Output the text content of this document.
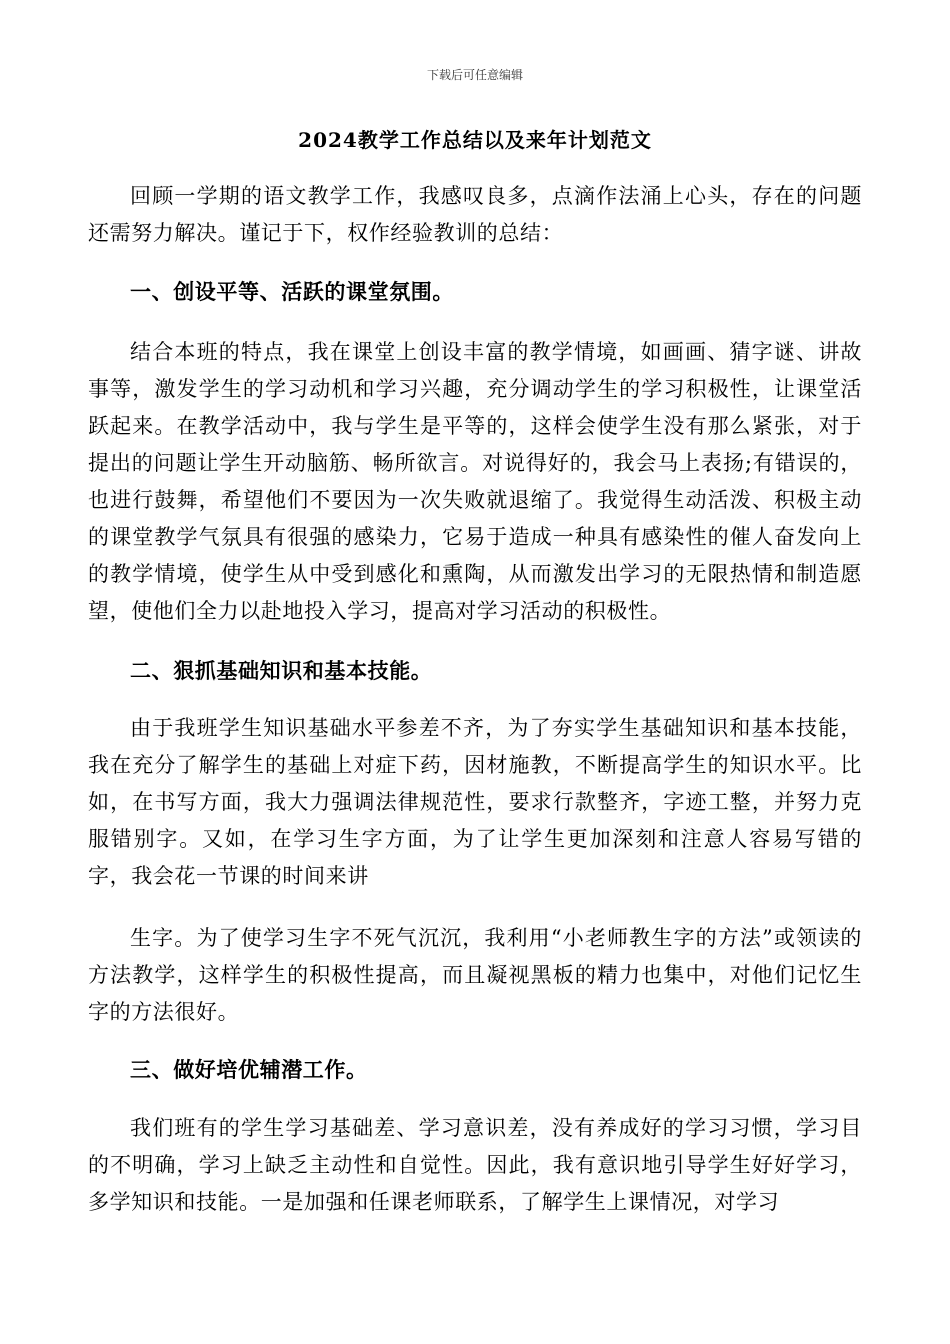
下载后可任意编辑
2024教学工作总结以及来年计划范文

回顾一学期的语文教学工作，我感叹良多，点滴作法涌上心头，存在的问题还需努力解决。谨记于下，权作经验教训的总结：

一、创设平等、活跃的课堂氛围。

结合本班的特点，我在课堂上创设丰富的教学情境，如画画、猜字谜、讲故事等，激发学生的学习动机和学习兴趣，充分调动学生的学习积极性，让课堂活跃起来。在教学活动中，我与学生是平等的，这样会使学生没有那么紧张，对于提出的问题让学生开动脑筋、畅所欲言。对说得好的，我会马上表扬;有错误的，也进行鼓舞，希望他们不要因为一次失败就退缩了。我觉得生动活泼、积极主动的课堂教学气氛具有很强的感染力，它易于造成一种具有感染性的催人奋发向上的教学情境，使学生从中受到感化和熏陶，从而激发出学习的无限热情和制造愿望，使他们全力以赴地投入学习，提高对学习活动的积极性。

二、狠抓基础知识和基本技能。

由于我班学生知识基础水平参差不齐，为了夯实学生基础知识和基本技能，我在充分了解学生的基础上对症下药，因材施教，不断提高学生的知识水平。比如，在书写方面，我大力强调法律规范性，要求行款整齐，字迹工整，并努力克服错别字。又如，在学习生字方面，为了让学生更加深刻和注意人容易写错的字，我会花一节课的时间来讲

生字。为了使学习生字不死气沉沉，我利用“小老师教生字的方法”或领读的方法教学，这样学生的积极性提高，而且凝视黑板的精力也集中，对他们记忆生字的方法很好。

三、做好培优辅潜工作。

我们班有的学生学习基础差、学习意识差，没有养成好的学习习惯，学习目的不明确，学习上缺乏主动性和自觉性。因此，我有意识地引导学生好好学习，多学知识和技能。一是加强和任课老师联系，了解学生上课情况，对学习
